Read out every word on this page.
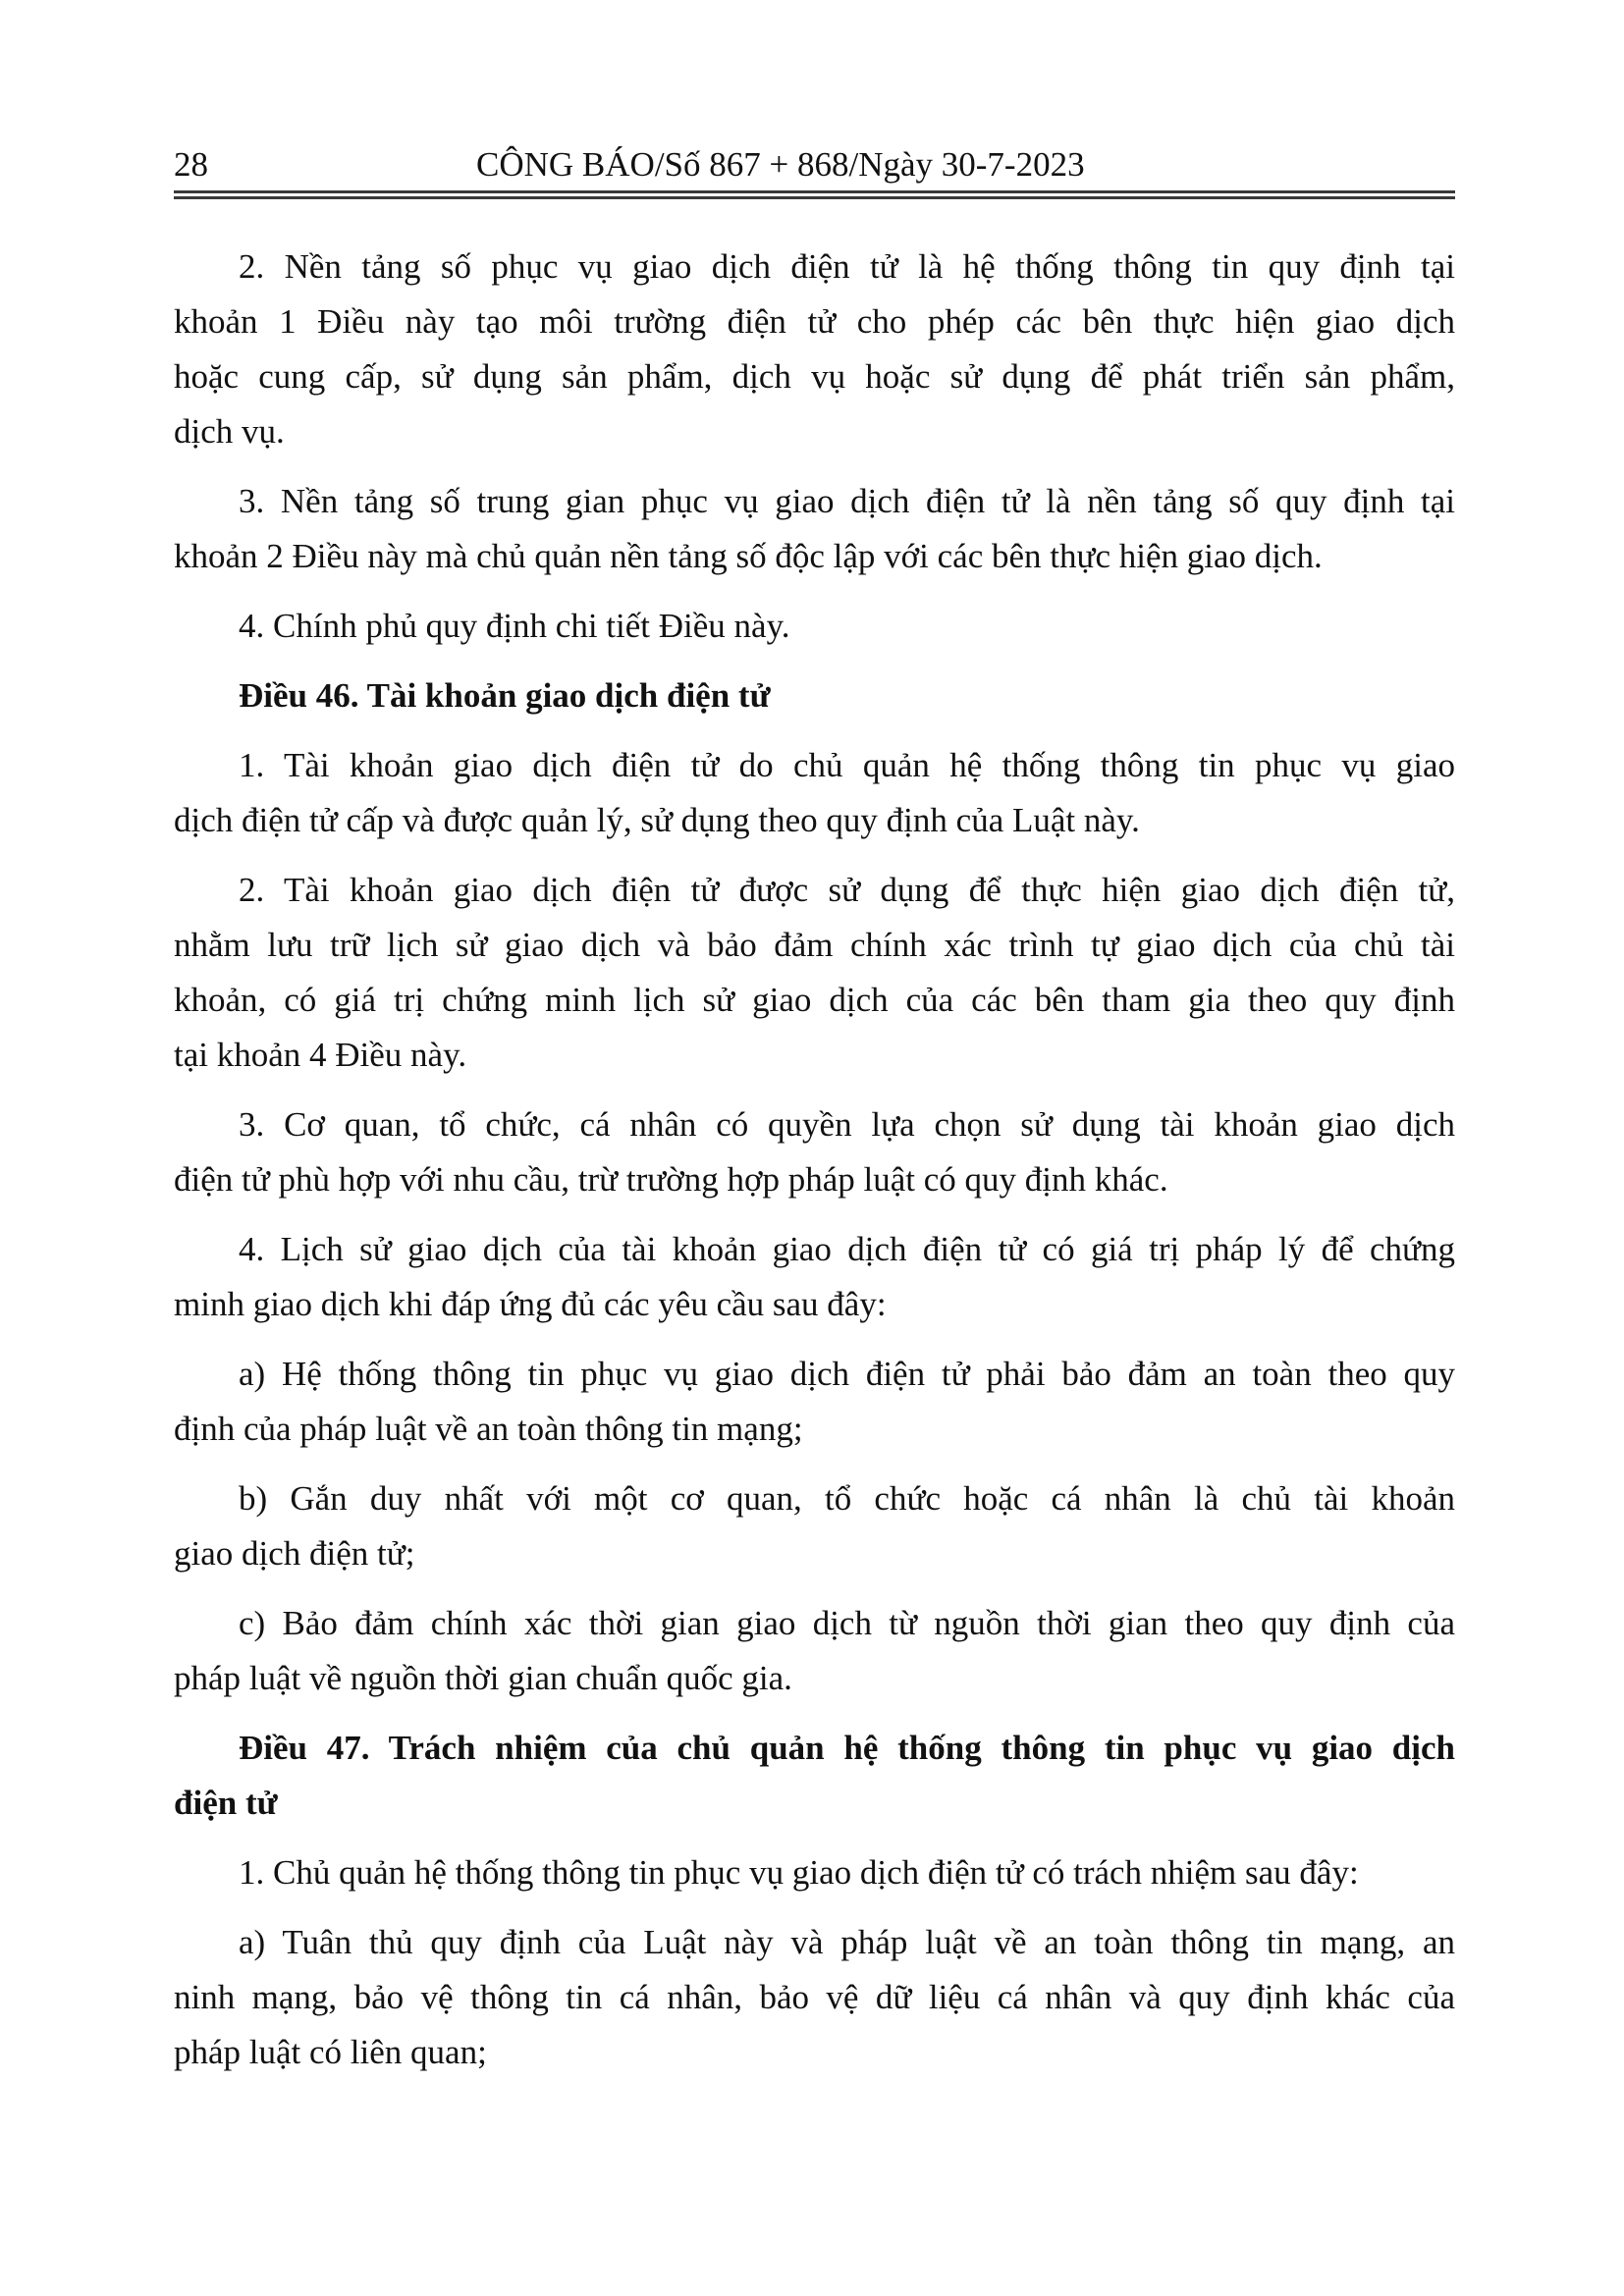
28	CÔNG BÁO/Số 867 + 868/Ngày 30-7-2023
2. Nền tảng số phục vụ giao dịch điện tử là hệ thống thông tin quy định tại
khoản 1 Điều này tạo môi trường điện tử cho phép các bên thực hiện giao dịch
hoặc cung cấp, sử dụng sản phẩm, dịch vụ hoặc sử dụng để phát triển sản phẩm,
dịch vụ.
3. Nền tảng số trung gian phục vụ giao dịch điện tử là nền tảng số quy định tại
khoản 2 Điều này mà chủ quản nền tảng số độc lập với các bên thực hiện giao dịch.
4. Chính phủ quy định chi tiết Điều này.
Điều 46. Tài khoản giao dịch điện tử
1. Tài khoản giao dịch điện tử do chủ quản hệ thống thông tin phục vụ giao
dịch điện tử cấp và được quản lý, sử dụng theo quy định của Luật này.
2. Tài khoản giao dịch điện tử được sử dụng để thực hiện giao dịch điện tử,
nhằm lưu trữ lịch sử giao dịch và bảo đảm chính xác trình tự giao dịch của chủ tài
khoản, có giá trị chứng minh lịch sử giao dịch của các bên tham gia theo quy định
tại khoản 4 Điều này.
3. Cơ quan, tổ chức, cá nhân có quyền lựa chọn sử dụng tài khoản giao dịch
điện tử phù hợp với nhu cầu, trừ trường hợp pháp luật có quy định khác.
4. Lịch sử giao dịch của tài khoản giao dịch điện tử có giá trị pháp lý để chứng
minh giao dịch khi đáp ứng đủ các yêu cầu sau đây:
a) Hệ thống thông tin phục vụ giao dịch điện tử phải bảo đảm an toàn theo quy
định của pháp luật về an toàn thông tin mạng;
b) Gắn duy nhất với một cơ quan, tổ chức hoặc cá nhân là chủ tài khoản
giao dịch điện tử;
c) Bảo đảm chính xác thời gian giao dịch từ nguồn thời gian theo quy định của
pháp luật về nguồn thời gian chuẩn quốc gia.
Điều 47. Trách nhiệm của chủ quản hệ thống thông tin phục vụ giao dịch
điện tử
1. Chủ quản hệ thống thông tin phục vụ giao dịch điện tử có trách nhiệm sau đây:
a) Tuân thủ quy định của Luật này và pháp luật về an toàn thông tin mạng, an
ninh mạng, bảo vệ thông tin cá nhân, bảo vệ dữ liệu cá nhân và quy định khác của
pháp luật có liên quan;
